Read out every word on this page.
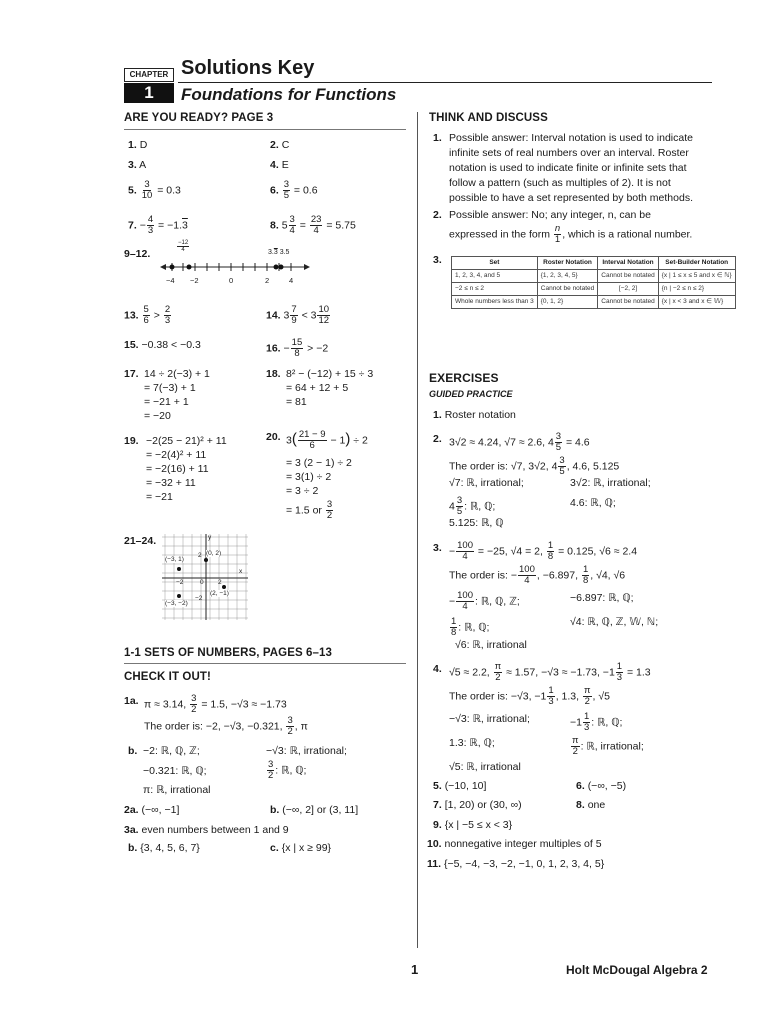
CHAPTER
1
Solutions Key
Foundations for Functions
ARE YOU READY? PAGE 3
1. D	2. C
3. A	4. E
5. $\frac{3}{10} = 0.3$	6. $\frac{3}{5} = 0.6$
7. − $\frac{4}{3} = -1.3$	8. $5 \frac{3}{4} = \frac{23}{4} = 5.75$
9–12.
$\frac{-12}{4}$	3.3 3.5
−4 −2	0	2	4
13. $\frac{5}{6} > \frac{2}{3}$	14. $3 \frac{7}{9} < 3 \frac{10}{12}$
15. −0.38 < −0.3	16. − $\frac{15}{8} > -2$
17. 14 ÷ 2(−3) + 1
= 7(−3) + 1
= −21 + 1
= −20
18. 8² − (−12) + 15 ÷ 3
= 64 + 12 + 5
= 81
19. −2(25 − 21)² + 11
= −2(4)² + 11
= −2(16) + 11
= −32 + 11
= −21
20. $3( \frac{21 - 9}{6} - 1) \div 2$
= 3 (2 − 1) ÷ 2
= 3(1) ÷ 2
= 3 ÷ 2
= 1.5 or $\frac{3}{2}$
21–24.	y
x
(−3, 1)
(0, 2)
(2, −1)
(−3, −2)
2
−2	0 2
−2
1-1 SETS OF NUMBERS, PAGES 6–13
CHECK IT OUT!
1a. π ≈ 3.14, $\frac{3}{2} = 1.5$, −√3 ≈ −1.73
The order is: −2, −√3, −0.321, $\frac{3}{2}$ , π
b. −2: ℝ, ℚ, ℤ;	−√3: ℝ, irrational;
−0.321: ℝ, ℚ;	$\frac{3}{2}$ : ℝ, ℚ;
π: ℝ, irrational
2a. (−∞, −1]	b. (−∞, 2] or (3, 11]
3a. even numbers between 1 and 9
b. {3, 4, 5, 6, 7}	c. {x | x ≥ 99}
THINK AND DISCUSS
1. Possible answer: Interval notation is used to indicate
infinite sets of real numbers over an interval. Roster
notation is used to indicate finite or infinite sets that
follow a pattern (such as multiples of 2). It is not
possible to have a set represented by both methods.
2. Possible answer: No; any integer, n, can be
expressed in the form $\frac{n}{1}$ , which is a rational number.
3.	Set	Roster Notation	Interval Notation	Set-Builder Notation
1, 2, 3, 4, and 5	{1, 2, 3, 4, 5}	Cannot be notated	{x | 1 ≤ x ≤ 5 and x ∈ ℕ}
−2 ≤ n ≤ 2	Cannot be notated	[−2, 2]	{n | −2 ≤ n ≤ 2}
Whole numbers less than 3	{0, 1, 2}	Cannot be notated	{x | x < 3 and x ∈ 𝕎}
EXERCISES
GUIDED PRACTICE
1. Roster notation
2. 3√2 ≈ 4.24, √7 ≈ 2.6, $4 \frac{3}{5} = 4.6$
The order is: √7, 3√2, $4 \frac{3}{5}$ , 4.6, 5.125
√7: ℝ, irrational;	3√2: ℝ, irrational;
$4 \frac{3}{5}$ : ℝ, ℚ;	4.6: ℝ, ℚ;
5.125: ℝ, ℚ
3. − $\frac{100}{4} = -25$, √4 = 2, $\frac{1}{8} = 0.125$, √6 ≈ 2.4
The order is: − $\frac{100}{4}$ , −6.897, $\frac{1}{8}$ , √4, √6
− $\frac{100}{4}$ : ℝ, ℚ, ℤ;	−6.897: ℝ, ℚ;
$\frac{1}{8}$ : ℝ, ℚ;	√4: ℝ, ℚ, ℤ, 𝕎, ℕ;
√6: ℝ, irrational
4. √5 ≈ 2.2, $\frac{\pi}{2} \approx 1.57$, −√3 ≈ −1.73, $-1 \frac{1}{3} = 1.3$
The order is: −√3, $-1 \frac{1}{3}$ , 1.3, $\frac{\pi}{2}$ , √5
−√3: ℝ, irrational;	$-1 \frac{1}{3}$ : ℝ, ℚ;
1.3: ℝ, ℚ;	$\frac{\pi}{2}$ : ℝ, irrational;
√5: ℝ, irrational
5. (−10, 10]	6. (−∞, −5)
7. [1, 20) or (30, ∞)	8. one
9. {x | −5 ≤ x < 3}
10. nonnegative integer multiples of 5
11. {−5, −4, −3, −2, −1, 0, 1, 2, 3, 4, 5}
1	Holt McDougal Algebra 2
